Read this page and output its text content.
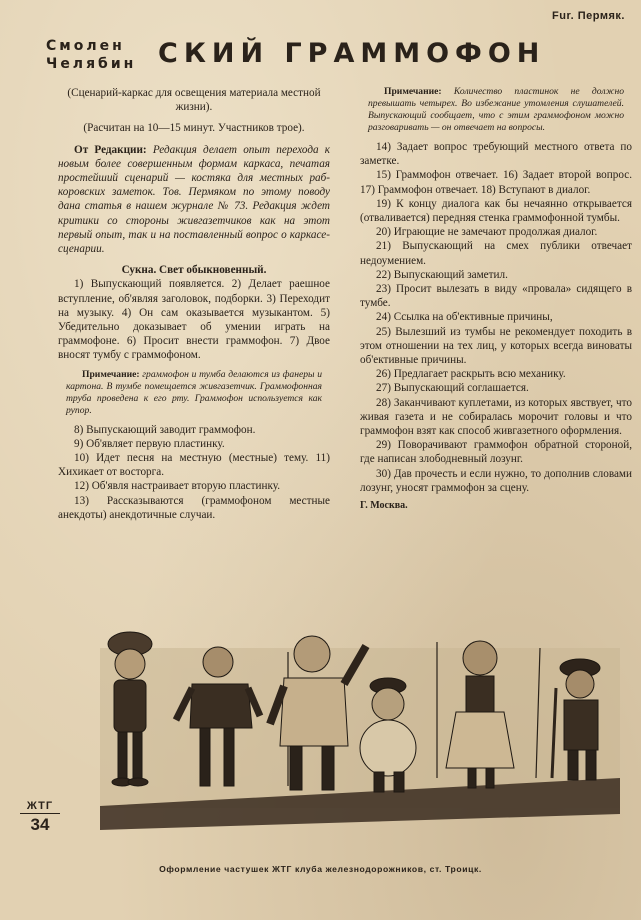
Fur. Пермяк.
Смолен
Челябин СКИЙ ГРАММОФОН

(Сценарий-каркас для освещения материала местной жизни).

(Расчитан на 10—15 минут. Участников трое).

От Редакции: Редакция делает опыт перехода к новым более совершенным формам каркаса, печатая простейший сценарий — костяка для местных раб-коровских заметок. Тов. Пермяком по этому поводу дана статья в нашем журнале № 73. Редакция ждет критики со стороны живгазетчиков как на этот первый опыт, так и на поставленный вопрос о каркасе-сценарии.

Сукна. Свет обыкновенный.

1) Выпускающий появляется. 2) Делает раешное вступление, об'являя заголовок, подборки. 3) Переходит на музыку. 4) Он сам оказывается музыкантом. 5) Убедительно доказывает об умении играть на граммофоне. 6) Просит внести граммофон. 7) Двое вносят тумбу с граммофоном.

Примечание: граммофон и тумба делаются из фанеры и картона. В тумбе помещается живгазетчик. Граммофонная труба проведена к его рту. Граммофон используется как рупор.

8) Выпускающий заводит граммофон.

9) Об'являет первую пластинку.

10) Идет песня на местную (местные) тему. 11) Хихикает от восторга.

12) Об'явля настраивает вторую пластинку.

13) Рассказываются (граммофоном местные анекдоты) анекдотичные случаи.

Примечание: Количество пластинок не должно превышать четырех. Во избежание утомления слушателей. Выпускающий сообщает, что с этим граммофоном можно разговаривать — он отвечает на вопросы.

14) Задает вопрос требующий местного ответа по заметке.

15) Граммофон отвечает. 16) Задает второй вопрос. 17) Граммофон отвечает. 18) Вступают в диалог.

19) К концу диалога как бы нечаянно открывается (отваливается) передняя стенка граммофонной тумбы.

20) Играющие не замечают продолжая диалог.

21) Выпускающий на смех публики отвечает недоумением.

22) Выпускающий заметил.

23) Просит вылезать в виду «провала» сидящего в тумбе.

24) Ссылка на об'ективные причины,

25) Вылезший из тумбы не рекомендует походить в этом отношении на тех лиц, у которых всегда виноваты об'ективные причины.

26) Предлагает раскрыть всю механику.

27) Выпускающий соглашается.

28) Заканчивают куплетами, из которых явствует, что живая газета и не собиралась морочит головы и что граммофон взят как способ живгазетного оформления.

29) Поворачивают граммофон обратной стороной, где написан злободневный лозунг.

30) Дав прочесть и если нужно, то дополнив словами лозунг, уносят граммофон за сцену.

Г. Москва.

ЖТГ
34
Оформление частушек ЖТГ клуба железнодорожников, ст. Троицк.
